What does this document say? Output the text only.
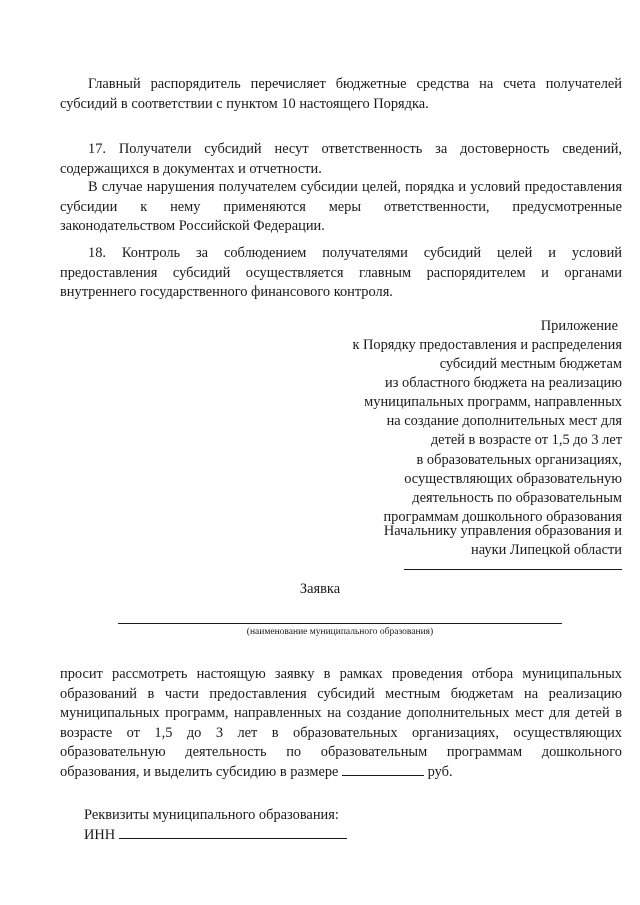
Главный распорядитель перечисляет бюджетные средства на счета получателей субсидий в соответствии с пунктом 10 настоящего Порядка.

17. Получатели субсидий несут ответственность за достоверность сведений, содержащихся в документах и отчетности.

В случае нарушения получателем субсидии целей, порядка и условий предоставления субсидии к нему применяются меры ответственности, предусмотренные законодательством Российской Федерации.

18. Контроль за соблюдением получателями субсидий целей и условий предоставления субсидий осуществляется главным распорядителем и органами внутреннего государственного финансового контроля.

Приложение

к Порядку предоставления и распределения
субсидий местным бюджетам
из областного бюджета на реализацию
муниципальных программ, направленных
на создание дополнительных мест для
детей в возрасте от 1,5 до 3 лет
в образовательных организациях,
осуществляющих образовательную
деятельность по образовательным
программам дошкольного образования
Начальнику управления образования и
науки Липецкой области

Заявка

(наименование муниципального образования)

просит рассмотреть настоящую заявку в рамках проведения отбора муниципальных образований в части предоставления субсидий местным бюджетам на реализацию муниципальных программ, направленных на создание дополнительных мест для детей в возрасте от 1,5 до 3 лет в образовательных организациях, осуществляющих образовательную деятельность по образовательным программам дошкольного образования, и выделить субсидию в размере	руб.

Реквизиты муниципального образования:

ИНН
